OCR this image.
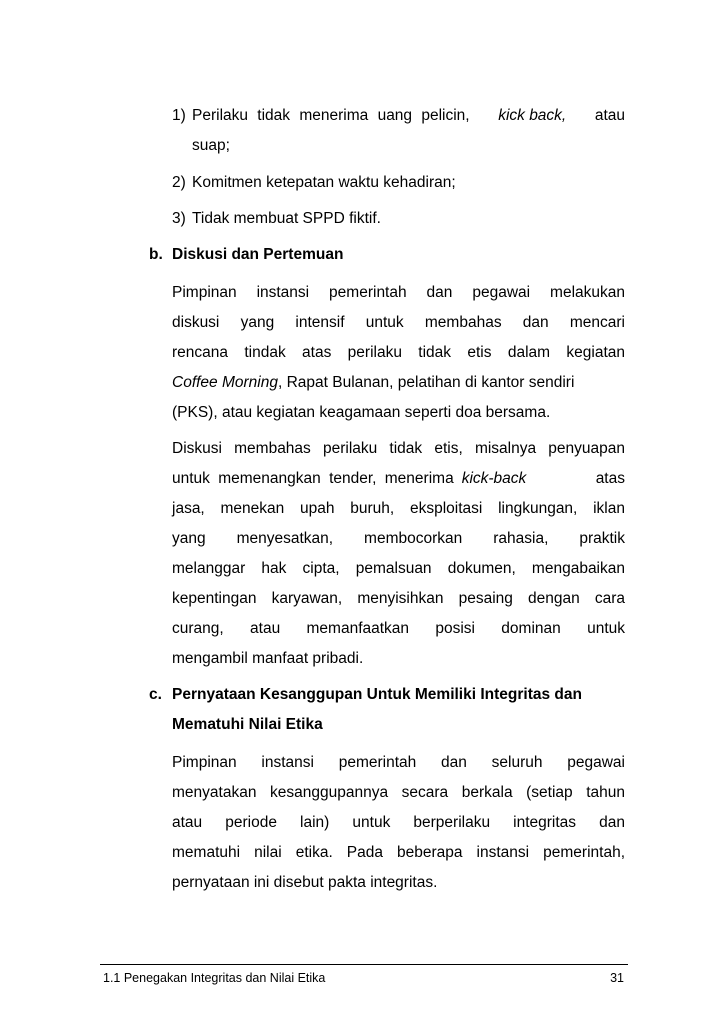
1) Perilaku tidak menerima uang pelicin, kick back, atau
suap;
2) Komitmen ketepatan waktu kehadiran;
3) Tidak membuat SPPD fiktif.
b. Diskusi dan Pertemuan
Pimpinan instansi pemerintah dan pegawai melakukan
diskusi yang intensif untuk membahas dan mencari
rencana tindak atas perilaku tidak etis dalam kegiatan
Coffee Morning, Rapat Bulanan, pelatihan di kantor sendiri
(PKS), atau kegiatan keagamaan seperti doa bersama.
Diskusi membahas perilaku tidak etis, misalnya penyuapan
untuk memenangkan tender, menerima kick-back	atas
jasa, menekan upah buruh, eksploitasi lingkungan, iklan
yang menyesatkan, membocorkan rahasia, praktik
melanggar hak cipta, pemalsuan dokumen, mengabaikan
kepentingan karyawan, menyisihkan pesaing dengan cara
curang, atau memanfaatkan posisi dominan untuk
mengambil manfaat pribadi.
c. Pernyataan Kesanggupan Untuk Memiliki Integritas dan
Mematuhi Nilai Etika
Pimpinan instansi pemerintah dan seluruh pegawai
menyatakan kesanggupannya secara berkala (setiap tahun
atau periode lain) untuk berperilaku integritas dan
mematuhi nilai etika. Pada beberapa instansi pemerintah,
pernyataan ini disebut pakta integritas.
1.1 Penegakan Integritas dan Nilai Etika	31
